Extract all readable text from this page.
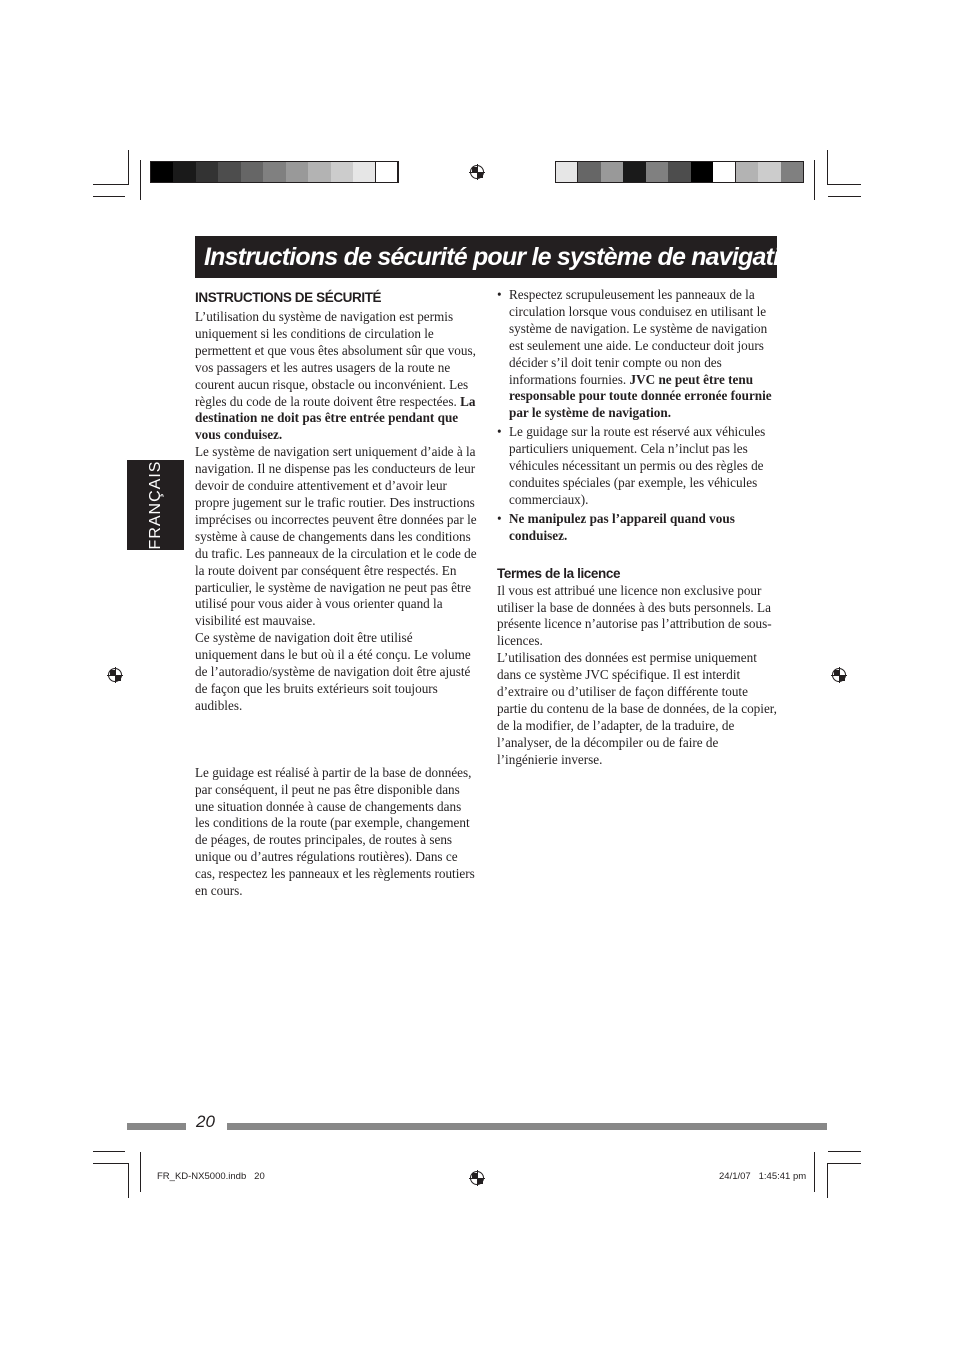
Instructions de sécurité pour le système de navigation
FRANÇAIS

INSTRUCTIONS DE SÉCURITÉ

L’utilisation du système de navigation est permis uniquement si les conditions de circulation le permettent et que vous êtes absolument sûr que vous, vos passagers et les autres usagers de la route ne courent aucun risque, obstacle ou inconvénient. Les règles du code de la route doivent être respectées. La destination ne doit pas être entrée pendant que vous conduisez.

Le système de navigation sert uniquement d’aide à la navigation. Il ne dispense pas les conducteurs de leur devoir de conduire attentivement et d’avoir leur propre jugement sur le trafic routier. Des instructions imprécises ou incorrectes peuvent être données par le système à cause de changements dans les conditions du trafic. Les panneaux de la circulation et le code de la route doivent par conséquent être respectés. En particulier, le système de navigation ne peut pas être utilisé pour vous aider à vous orienter quand la visibilité est mauvaise.

Ce système de navigation doit être utilisé uniquement dans le but où il a été conçu. Le volume de l’autoradio/système de navigation doit être ajusté de façon que les bruits extérieurs soit toujours audibles.

Le guidage est réalisé à partir de la base de données, par conséquent, il peut ne pas être disponible dans une situation donnée à cause de changements dans les conditions de la route (par exemple, changement de péages, de routes principales, de routes à sens unique ou d’autres régulations routières). Dans ce cas, respectez les panneaux et les règlements routiers en cours.

• Respectez scrupuleusement les panneaux de la circulation lorsque vous conduisez en utilisant le système de navigation. Le système de navigation est seulement une aide. Le conducteur doit jours décider s’il doit tenir compte ou non des informations fournies. JVC ne peut être tenu responsable pour toute donnée erronée fournie par le système de navigation.

• Le guidage sur la route est réservé aux véhicules particuliers uniquement. Cela n’inclut pas les véhicules nécessitant un permis ou des règles de conduites spéciales (par exemple, les véhicules commerciaux).

• Ne manipulez pas l’appareil quand vous conduisez.

Termes de la licence

Il vous est attribué une licence non exclusive pour utiliser la base de données à des buts personnels. La présente licence n’autorise pas l’attribution de sous-licences.

L’utilisation des données est permise uniquement dans ce système JVC spécifique. Il est interdit d’extraire ou d’utiliser de façon différente toute partie du contenu de la base de données, de la copier, de la modifier, de l’adapter, de la traduire, de l’analyser, de la décompiler ou de faire de l’ingénierie inverse.

20
FR_KD-NX5000.indb   20	24/1/07   1:45:41 pm
